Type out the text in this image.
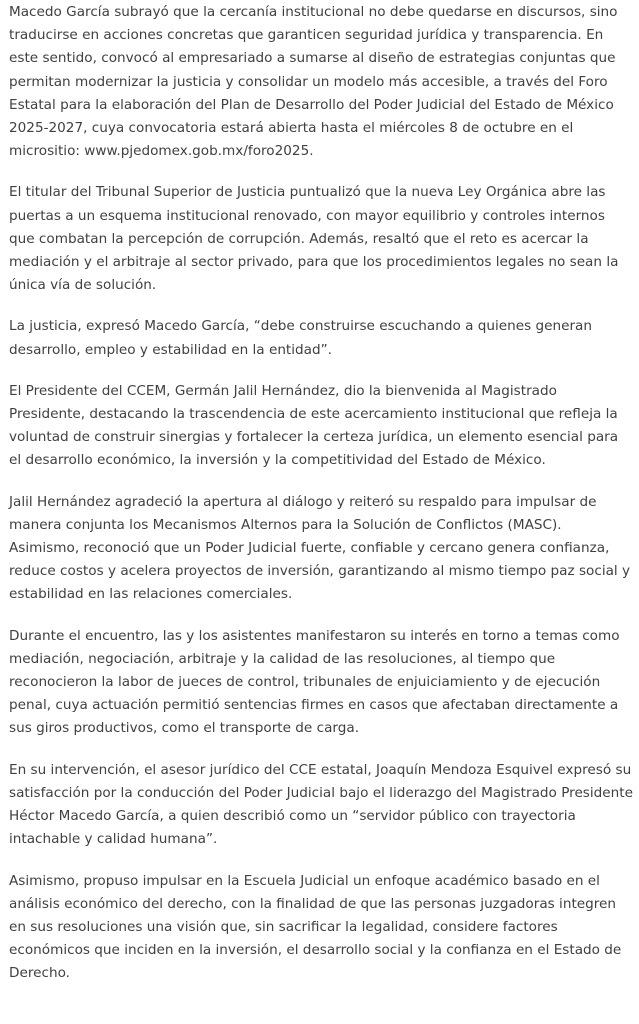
Macedo García subrayó que la cercanía institucional no debe quedarse en discursos, sino traducirse en acciones concretas que garanticen seguridad jurídica y transparencia. En este sentido, convocó al empresariado a sumarse al diseño de estrategias conjuntas que permitan modernizar la justicia y consolidar un modelo más accesible, a través del Foro Estatal para la elaboración del Plan de Desarrollo del Poder Judicial del Estado de México 2025-2027, cuya convocatoria estará abierta hasta el miércoles 8 de octubre en el micrositio: www.pjedomex.gob.mx/foro2025.

El titular del Tribunal Superior de Justicia puntualizó que la nueva Ley Orgánica abre las puertas a un esquema institucional renovado, con mayor equilibrio y controles internos que combatan la percepción de corrupción. Además, resaltó que el reto es acercar la mediación y el arbitraje al sector privado, para que los procedimientos legales no sean la única vía de solución.

La justicia, expresó Macedo García, “debe construirse escuchando a quienes generan desarrollo, empleo y estabilidad en la entidad”.

El Presidente del CCEM, Germán Jalil Hernández, dio la bienvenida al Magistrado Presidente, destacando la trascendencia de este acercamiento institucional que refleja la voluntad de construir sinergias y fortalecer la certeza jurídica, un elemento esencial para el desarrollo económico, la inversión y la competitividad del Estado de México.

Jalil Hernández agradeció la apertura al diálogo y reiteró su respaldo para impulsar de manera conjunta los Mecanismos Alternos para la Solución de Conflictos (MASC). Asimismo, reconoció que un Poder Judicial fuerte, confiable y cercano genera confianza, reduce costos y acelera proyectos de inversión, garantizando al mismo tiempo paz social y estabilidad en las relaciones comerciales.

Durante el encuentro, las y los asistentes manifestaron su interés en torno a temas como mediación, negociación, arbitraje y la calidad de las resoluciones, al tiempo que reconocieron la labor de jueces de control, tribunales de enjuiciamiento y de ejecución penal, cuya actuación permitió sentencias firmes en casos que afectaban directamente a sus giros productivos, como el transporte de carga.

En su intervención, el asesor jurídico del CCE estatal, Joaquín Mendoza Esquivel expresó su satisfacción por la conducción del Poder Judicial bajo el liderazgo del Magistrado Presidente Héctor Macedo García, a quien describió como un “servidor público con trayectoria intachable y calidad humana”.

Asimismo, propuso impulsar en la Escuela Judicial un enfoque académico basado en el análisis económico del derecho, con la finalidad de que las personas juzgadoras integren en sus resoluciones una visión que, sin sacrificar la legalidad, considere factores económicos que inciden en la inversión, el desarrollo social y la confianza en el Estado de Derecho.
